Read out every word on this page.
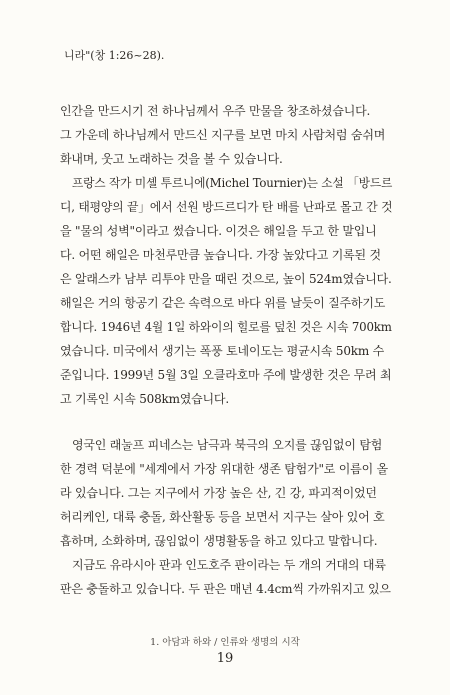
니라"(창 1:26~28).
인간을 만드시기 전 하나님께서 우주 만물을 창조하셨습니다.
그 가운데 하나님께서 만드신 지구를 보면 마치 사람처럼 숨쉬며
화내며, 웃고 노래하는 것을 볼 수 있습니다.
프랑스 작가 미셸 투르니에(Michel Tournier)는 소설 「방드르
디, 태평양의 끝」에서 선원 방드르디가 탄 배를 난파로 몰고 간 것
을 "물의 성벽"이라고 썼습니다. 이것은 해일을 두고 한 말입니
다. 어떤 해일은 마천루만큼 높습니다. 가장 높았다고 기록된 것
은 알래스카 남부 리투야 만을 때린 것으로, 높이 524m였습니다.
해일은 거의 항공기 같은 속력으로 바다 위를 날듯이 질주하기도
합니다. 1946년 4월 1일 하와이의 힐로를 덮친 것은 시속 700km
였습니다. 미국에서 생기는 폭풍 토네이도는 평균시속 50km 수
준입니다. 1999년 5월 3일 오클라호마 주에 발생한 것은 무려 최
고 기록인 시속 508km였습니다.
영국인 래눌프 피네스는 남극과 북극의 오지를 끊임없이 탐험
한 경력 덕분에 "세계에서 가장 위대한 생존 탐험가"로 이름이 올
라 있습니다. 그는 지구에서 가장 높은 산, 긴 강, 파괴적이었던
허리케인, 대륙 충돌, 화산활동 등을 보면서 지구는 살아 있어 호
흡하며, 소화하며, 끊임없이 생명활동을 하고 있다고 말합니다.
지금도 유라시아 판과 인도호주 판이라는 두 개의 거대의 대륙
판은 충돌하고 있습니다. 두 판은 매년 4.4cm씩 가까워지고 있으
1. 아담과 하와 / 인류와 생명의 시작
19
